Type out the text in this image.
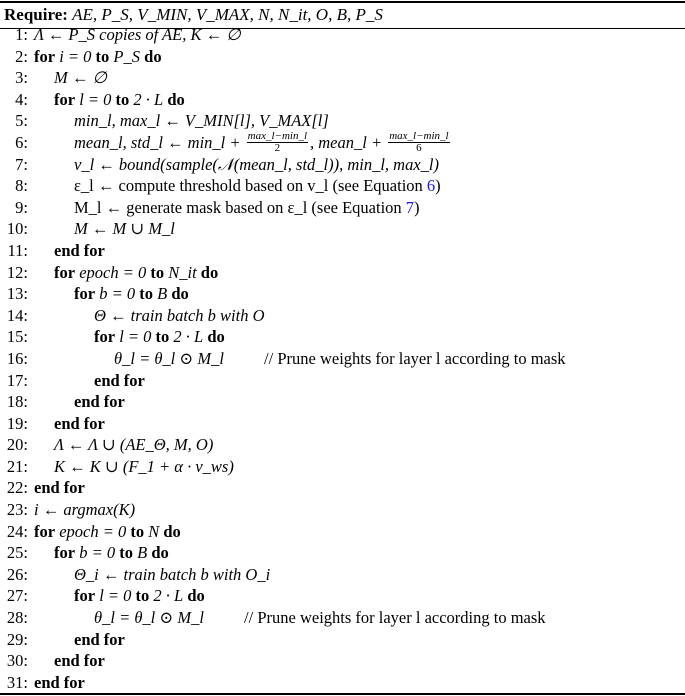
Require: AE, P_S, V_MIN, V_MAX, N, N_it, O, B, P_S
1: Λ ← P_S copies of AE, K ← ∅
2: for i = 0 to P_S do
3: M ← ∅
4: for l = 0 to 2 · L do
5:	min_l, max_l ← V_MIN[l], V_MAX[l]
6:	mean_l, std_l ← min_l + $\frac{\max\_l-\min\_l}{2}$ , mean_l + $\frac{\max\_l-\min\_l}{6}$
7:	v_l ← bound(sample(𝒩(mean_l, std_l)), min_l, max_l)
8:	ε_l ← compute threshold based on v_l (see Equation 6)
9:	M_l ← generate mask based on ε_l (see Equation 7)
10:	M ← M ∪ M_l
11: end for
12: for epoch = 0 to N_it do
13:	for b = 0 to B do
14:	Θ ← train batch b with O
15:	for l = 0 to 2 · L do
16:	θ_l = θ_l ⊙ M_l // Prune weights for layer l according to mask
17:	end for
18:	end for
19: end for
20: Λ ← Λ ∪ (AE_Θ, M, O)
21: K ← K ∪ (F_1 + α · v_ws)
22: end for
23: i ← argmax(K)
24: for epoch = 0 to N do
25: for b = 0 to B do
26:	Θ_i ← train batch b with O_i
27:	for l = 0 to 2 · L do
28:	θ_l = θ_l ⊙ M_l // Prune weights for layer l according to mask
29:	end for
30: end for
31: end for
